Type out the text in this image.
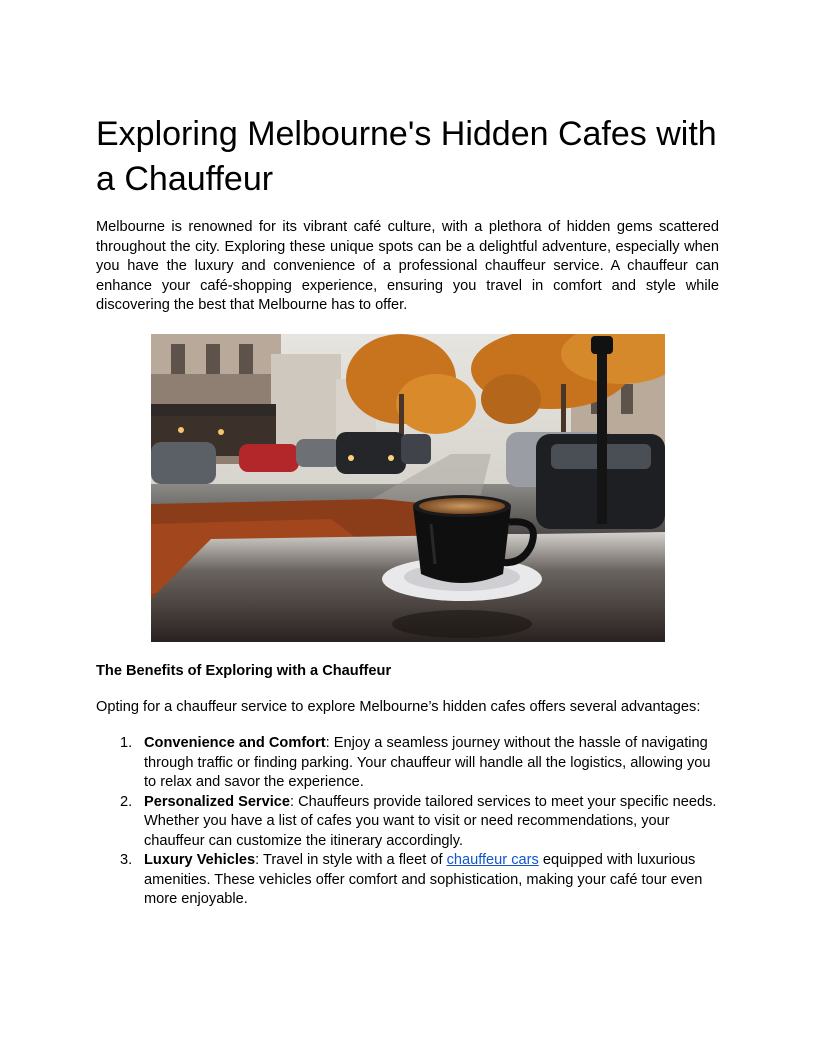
Exploring Melbourne's Hidden Cafes with a Chauffeur

Melbourne is renowned for its vibrant café culture, with a plethora of hidden gems scattered throughout the city. Exploring these unique spots can be a delightful adventure, especially when you have the luxury and convenience of a professional chauffeur service. A chauffeur can enhance your café-shopping experience, ensuring you travel in comfort and style while discovering the best that Melbourne has to offer.

The Benefits of Exploring with a Chauffeur

Opting for a chauffeur service to explore Melbourne’s hidden cafes offers several advantages:

1. Convenience and Comfort: Enjoy a seamless journey without the hassle of navigating through traffic or finding parking. Your chauffeur will handle all the logistics, allowing you to relax and savor the experience.
2. Personalized Service: Chauffeurs provide tailored services to meet your specific needs. Whether you have a list of cafes you want to visit or need recommendations, your chauffeur can customize the itinerary accordingly.
3. Luxury Vehicles: Travel in style with a fleet of chauffeur cars equipped with luxurious amenities. These vehicles offer comfort and sophistication, making your café tour even more enjoyable.
